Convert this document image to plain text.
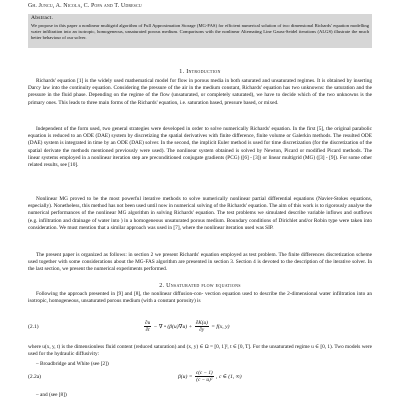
Gh. Juncu, A. Nicola, C. Popa and T. Udrescu
Abstract.
We propose in this paper a nonlinear multigrid algorithm of Full Approximation Storage (MG-FAS) for efficient numerical solution of two dimensional Richards' equation modelling water infiltration into an isotropic, homogeneous, unsaturated porous medium. Comparisons with the nonlinear Alternating Line Gauss-Seidel iterations (ALGS) illustrate the much better behaviour of our solver.
1. Introduction
Richards' equation [1] is the widely used mathematical model for flow in porous media in both saturated and unsaturated regimes. It is obtained by inserting Darcy law into the continuity equation. Considering the pressure of the air in the medium constant, Richards' equation has two unknowns: the saturation and the pressure in the fluid phase. Depending on the regime of the flow (unsaturated, or completely saturated), we have to decide which of the two unknowns is the primary ones. This leads to three main forms of the Richards' equation, i.e. saturation based, pressure based, or mixed.
Independent of the form used, two general strategies were developed in order to solve numerically Richards' equation. In the first [5], the original parabolic equation is reduced to an ODE (DAE) system by discretizing the spatial derivatives with finite difference, finite volume or Galerkin methods. The resulted ODE (DAE) system is integrated in time by an ODE (DAE) solver. In the second, the implicit Euler method is used for time discretization (for the discretization of the spatial derivate the methods mentioned previously were used). The nonlinear system obtained is solved by Newton, Picard or modified Picard methods. The linear systems employed in a nonlinear iteration step are preconditioned conjugate gradients (PCG) ([6] - [3]) or linear multigrid (MG) ([3] - [9]). For some other related results, see [10].
Nonlinear MG proved to be the most powerful iterative methods to solve numerically nonlinear partial differential equations (Navier-Stokes equations, especially). Nonetheless, this method has not been used until now in numerical solving of the Richards' equation. The aim of this work is to rigorously analyse the numerical performances of the nonlinear MG algorithm in solving Richards' equation. The test problems we simulated describe variable inflows and outflows (e.g. infiltration and drainage of water into ) in a homogeneous unsaturated porous medium. Boundary conditions of Dirichlet and/or Robin type were taken into consideration. We must mention that a similar approach was used in [7], where the nonlinear iteration used was SIP.
The present paper is organized as follows: in section 2 we present Richards' equation employed as test problem. The finite differences discretization scheme used together with some considerations about the MG-FAS algorithm are presented in section 3. Section 4 is devoted to the description of the iterative solver. In the last section, we present the numerical experiments performed.
2. Unsaturated flow equations
Following the approach presented in [9] and [8], the nonlinear diffusion-con- vection equation used to describe the 2-dimensional water infiltration into an isotropic, homogeneous, unsaturated porous medium (with a constant porosity) is
(2.1)	$\frac{\partial u}{\partial t}$ − ∇ • $(\beta(u)\nabla u) + \frac{\partial K(u)}{\partial y} = f(x$, y)
where u(x, y, t) is the dimensionless fluid content (reduced saturation) and (x, y) ∈ Ω = [0, 1]², t ∈ [0, T]. For the unsaturated regime u ∈ [0, 1). Two models were used for the hydraulic diffusivity:
– Broadbridge and White (see [2])
(2.2a)	$\beta(u) = \frac{c(c - 1)}{\text{(c − u)²}}$ , c ∈ (1, ∞)
– and (see [8])
